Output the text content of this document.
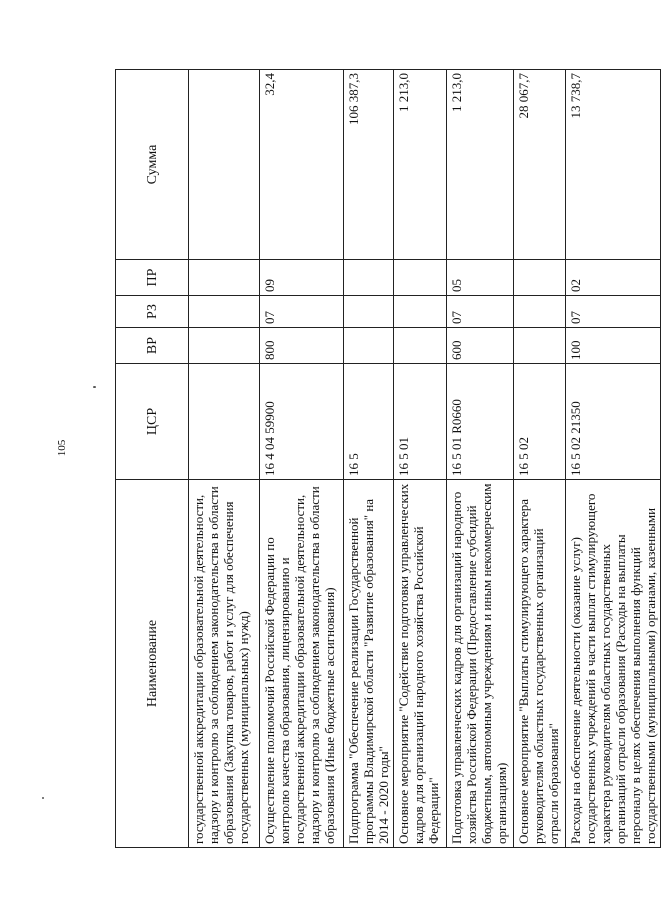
105
Наименование	ЦСР	ВР	РЗ	ПР	Сумма
государственной аккредитации образовательной деятельности, надзору и контролю за соблюдением законодательства в области образования (Закупка товаров, работ и услуг для обеспечения государственных (муниципальных) нужд)					
Осуществление полномочий Российской Федерации по контролю качества образования, лицензированию и государственной аккредитации образовательной деятельности, надзору и контролю за соблюдением законодательства в области образования (Иные бюджетные ассигнования)	16 4 04 59900	800	07	09	32,4
Подпрограмма "Обеспечение реализации Государственной программы Владимирской области "Развитие образования" на 2014 - 2020 годы"	16 5				106 387,3
Основное мероприятие "Содействие подготовки управленческих кадров для организаций народного хозяйства Российской Федерации"	16 5 01				1 213,0
Подготовка управленческих кадров для организаций народного хозяйства Российской Федерации (Предоставление субсидий бюджетным, автономным учреждениям и иным некоммерческим организациям)	16 5 01 R0660	600	07	05	1 213,0
Основное мероприятие "Выплаты стимулирующего характера руководителям областных государственных организаций отрасли образования"	16 5 02				28 067,7
Расходы на обеспечение деятельности (оказание услуг) государственных учреждений в части выплат стимулирующего характера руководителям областных государственных организаций отрасли образования (Расходы на выплаты персоналу в целях обеспечения выполнения функций государственными (муниципальными) органами, казенными	16 5 02 21350	100	07	02	13 738,7
